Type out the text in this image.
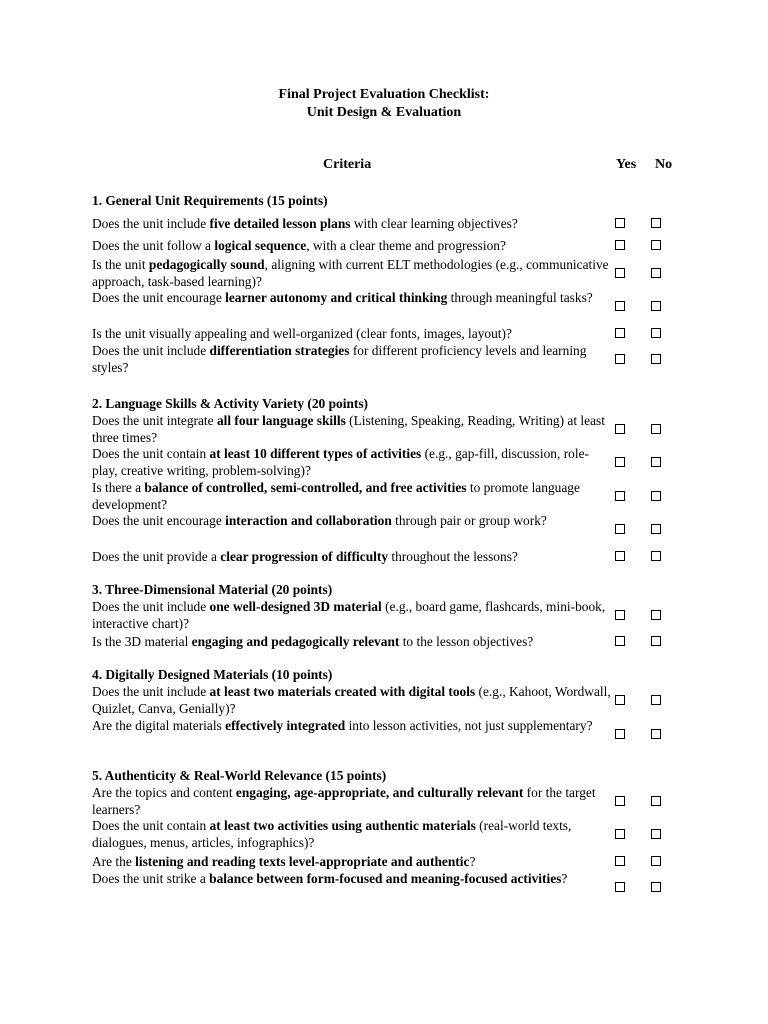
Final Project Evaluation Checklist:
Unit Design & Evaluation
Criteria	Yes No
1. General Unit Requirements (15 points)
Does the unit include five detailed lesson plans with clear learning objectives?
Does the unit follow a logical sequence, with a clear theme and progression?
Is the unit pedagogically sound, aligning with current ELT methodologies (e.g., communicative approach, task-based learning)?
Does the unit encourage learner autonomy and critical thinking through meaningful tasks?
Is the unit visually appealing and well-organized (clear fonts, images, layout)?
Does the unit include differentiation strategies for different proficiency levels and learning styles?
2. Language Skills & Activity Variety (20 points)
Does the unit integrate all four language skills (Listening, Speaking, Reading, Writing) at least three times?
Does the unit contain at least 10 different types of activities (e.g., gap-fill, discussion, role-play, creative writing, problem-solving)?
Is there a balance of controlled, semi-controlled, and free activities to promote language development?
Does the unit encourage interaction and collaboration through pair or group work?
Does the unit provide a clear progression of difficulty throughout the lessons?
3. Three-Dimensional Material (20 points)
Does the unit include one well-designed 3D material (e.g., board game, flashcards, mini-book, interactive chart)?
Is the 3D material engaging and pedagogically relevant to the lesson objectives?
4. Digitally Designed Materials (10 points)
Does the unit include at least two materials created with digital tools (e.g., Kahoot, Wordwall, Quizlet, Canva, Genially)?
Are the digital materials effectively integrated into lesson activities, not just supplementary?
5. Authenticity & Real-World Relevance (15 points)
Are the topics and content engaging, age-appropriate, and culturally relevant for the target learners?
Does the unit contain at least two activities using authentic materials (real-world texts, dialogues, menus, articles, infographics)?
Are the listening and reading texts level-appropriate and authentic?
Does the unit strike a balance between form-focused and meaning-focused activities?
